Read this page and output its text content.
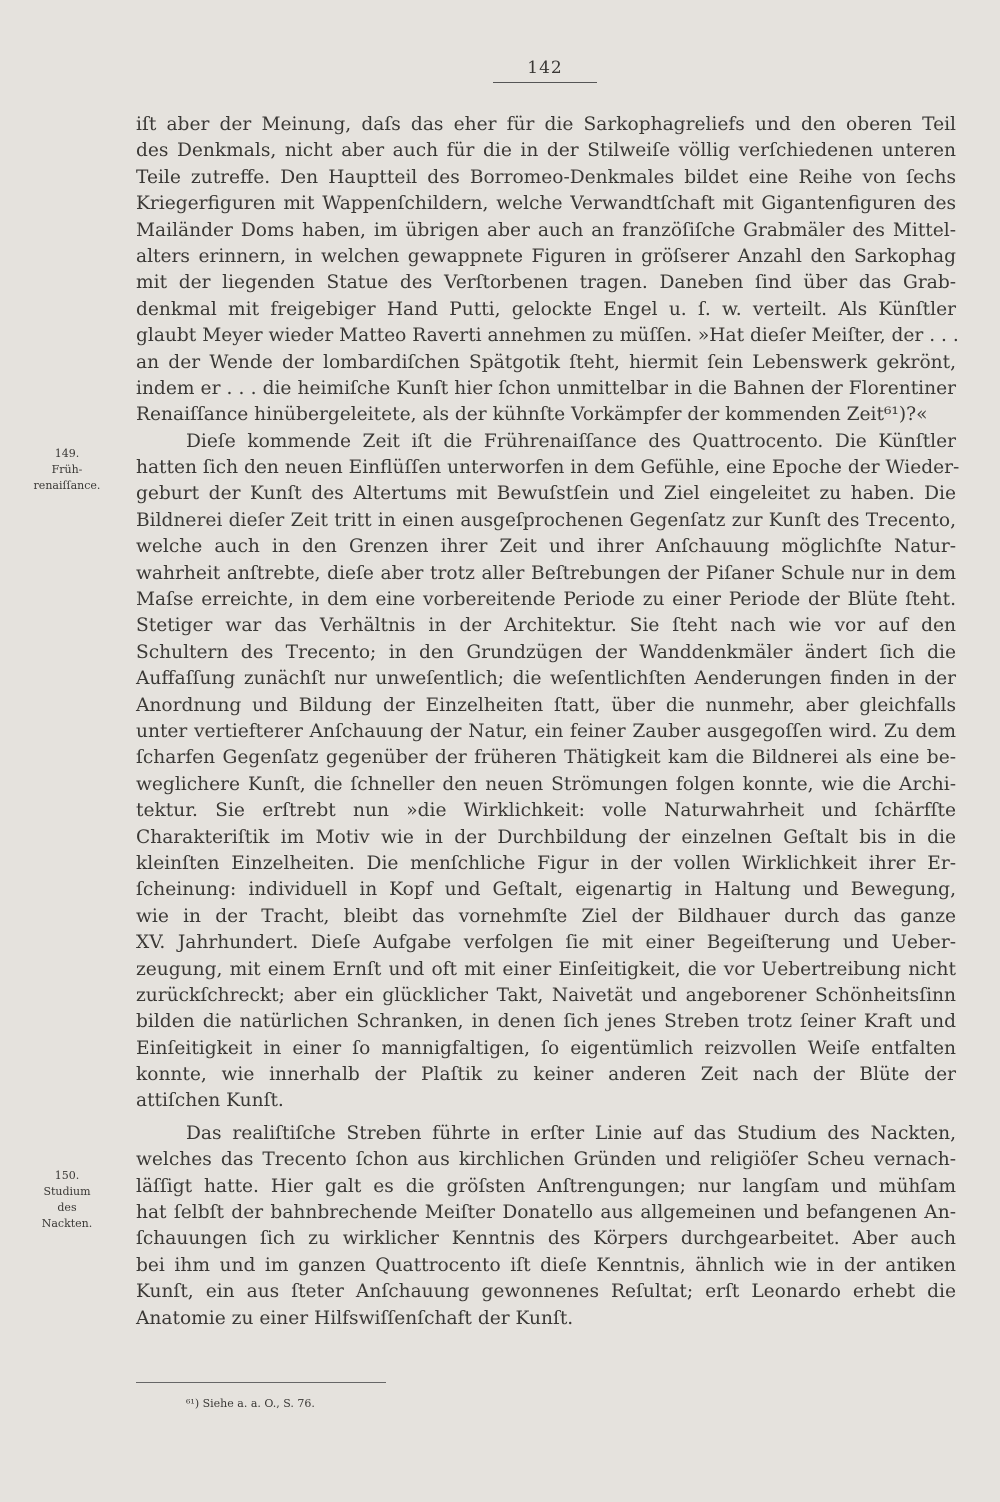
142
149.
Früh-
renaiſſance.
150.
Studium
des
Nackten.
iſt aber der Meinung, daſs das eher für die Sarkophagreliefs und den oberen Teil
des Denkmals, nicht aber auch für die in der Stilweiſe völlig verſchiedenen unteren
Teile zutreffe. Den Hauptteil des Borromeo-Denkmales bildet eine Reihe von ſechs
Kriegerfiguren mit Wappenſchildern, welche Verwandtſchaft mit Gigantenfiguren des
Mailänder Doms haben, im übrigen aber auch an franzöſiſche Grabmäler des Mittel-
alters erinnern, in welchen gewappnete Figuren in gröſserer Anzahl den Sarkophag
mit der liegenden Statue des Verſtorbenen tragen. Daneben ſind über das Grab-
denkmal mit freigebiger Hand Putti, gelockte Engel u. ſ. w. verteilt. Als Künſtler
glaubt Meyer wieder Matteo Raverti annehmen zu müſſen. »Hat dieſer Meiſter, der . . .
an der Wende der lombardiſchen Spätgotik ſteht, hiermit ſein Lebenswerk gekrönt,
indem er . . . die heimiſche Kunſt hier ſchon unmittelbar in die Bahnen der Florentiner
Renaiſſance hinübergeleitete, als der kühnſte Vorkämpfer der kommenden Zeit⁶¹)?«
Dieſe kommende Zeit iſt die Frührenaiſſance des Quattrocento. Die Künſtler
hatten ſich den neuen Einflüſſen unterworfen in dem Gefühle, eine Epoche der Wieder-
geburt der Kunſt des Altertums mit Bewuſstſein und Ziel eingeleitet zu haben. Die
Bildnerei dieſer Zeit tritt in einen ausgeſprochenen Gegenſatz zur Kunſt des Trecento,
welche auch in den Grenzen ihrer Zeit und ihrer Anſchauung möglichſte Natur-
wahrheit anſtrebte, dieſe aber trotz aller Beſtrebungen der Piſaner Schule nur in dem
Maſse erreichte, in dem eine vorbereitende Periode zu einer Periode der Blüte ſteht.
Stetiger war das Verhältnis in der Architektur. Sie ſteht nach wie vor auf den
Schultern des Trecento; in den Grundzügen der Wanddenkmäler ändert ſich die
Auffaſſung zunächſt nur unweſentlich; die weſentlichſten Aenderungen finden in der
Anordnung und Bildung der Einzelheiten ſtatt, über die nunmehr, aber gleichfalls
unter vertiefterer Anſchauung der Natur, ein feiner Zauber ausgegoſſen wird. Zu dem
ſcharfen Gegenſatz gegenüber der früheren Thätigkeit kam die Bildnerei als eine be-
weglichere Kunſt, die ſchneller den neuen Strömungen folgen konnte, wie die Archi-
tektur. Sie erſtrebt nun »die Wirklichkeit: volle Naturwahrheit und ſchärfſte
Charakteriſtik im Motiv wie in der Durchbildung der einzelnen Geſtalt bis in die
kleinſten Einzelheiten. Die menſchliche Figur in der vollen Wirklichkeit ihrer Er-
ſcheinung: individuell in Kopf und Geſtalt, eigenartig in Haltung und Bewegung,
wie in der Tracht, bleibt das vornehmſte Ziel der Bildhauer durch das ganze
XV. Jahrhundert. Dieſe Aufgabe verfolgen ſie mit einer Begeiſterung und Ueber-
zeugung, mit einem Ernſt und oft mit einer Einſeitigkeit, die vor Uebertreibung nicht
zurückſchreckt; aber ein glücklicher Takt, Naivetät und angeborener Schönheitsſinn
bilden die natürlichen Schranken, in denen ſich jenes Streben trotz ſeiner Kraft und
Einſeitigkeit in einer ſo mannigfaltigen, ſo eigentümlich reizvollen Weiſe entfalten
konnte, wie innerhalb der Plaſtik zu keiner anderen Zeit nach der Blüte der
attiſchen Kunſt.
Das realiſtiſche Streben führte in erſter Linie auf das Studium des Nackten,
welches das Trecento ſchon aus kirchlichen Gründen und religiöſer Scheu vernach-
läſſigt hatte. Hier galt es die gröſsten Anſtrengungen; nur langſam und mühſam
hat ſelbſt der bahnbrechende Meiſter Donatello aus allgemeinen und befangenen An-
ſchauungen ſich zu wirklicher Kenntnis des Körpers durchgearbeitet. Aber auch
bei ihm und im ganzen Quattrocento iſt dieſe Kenntnis, ähnlich wie in der antiken
Kunſt, ein aus ſteter Anſchauung gewonnenes Reſultat; erſt Leonardo erhebt die
Anatomie zu einer Hilfswiſſenſchaft der Kunſt.
⁶¹) Siehe a. a. O., S. 76.
